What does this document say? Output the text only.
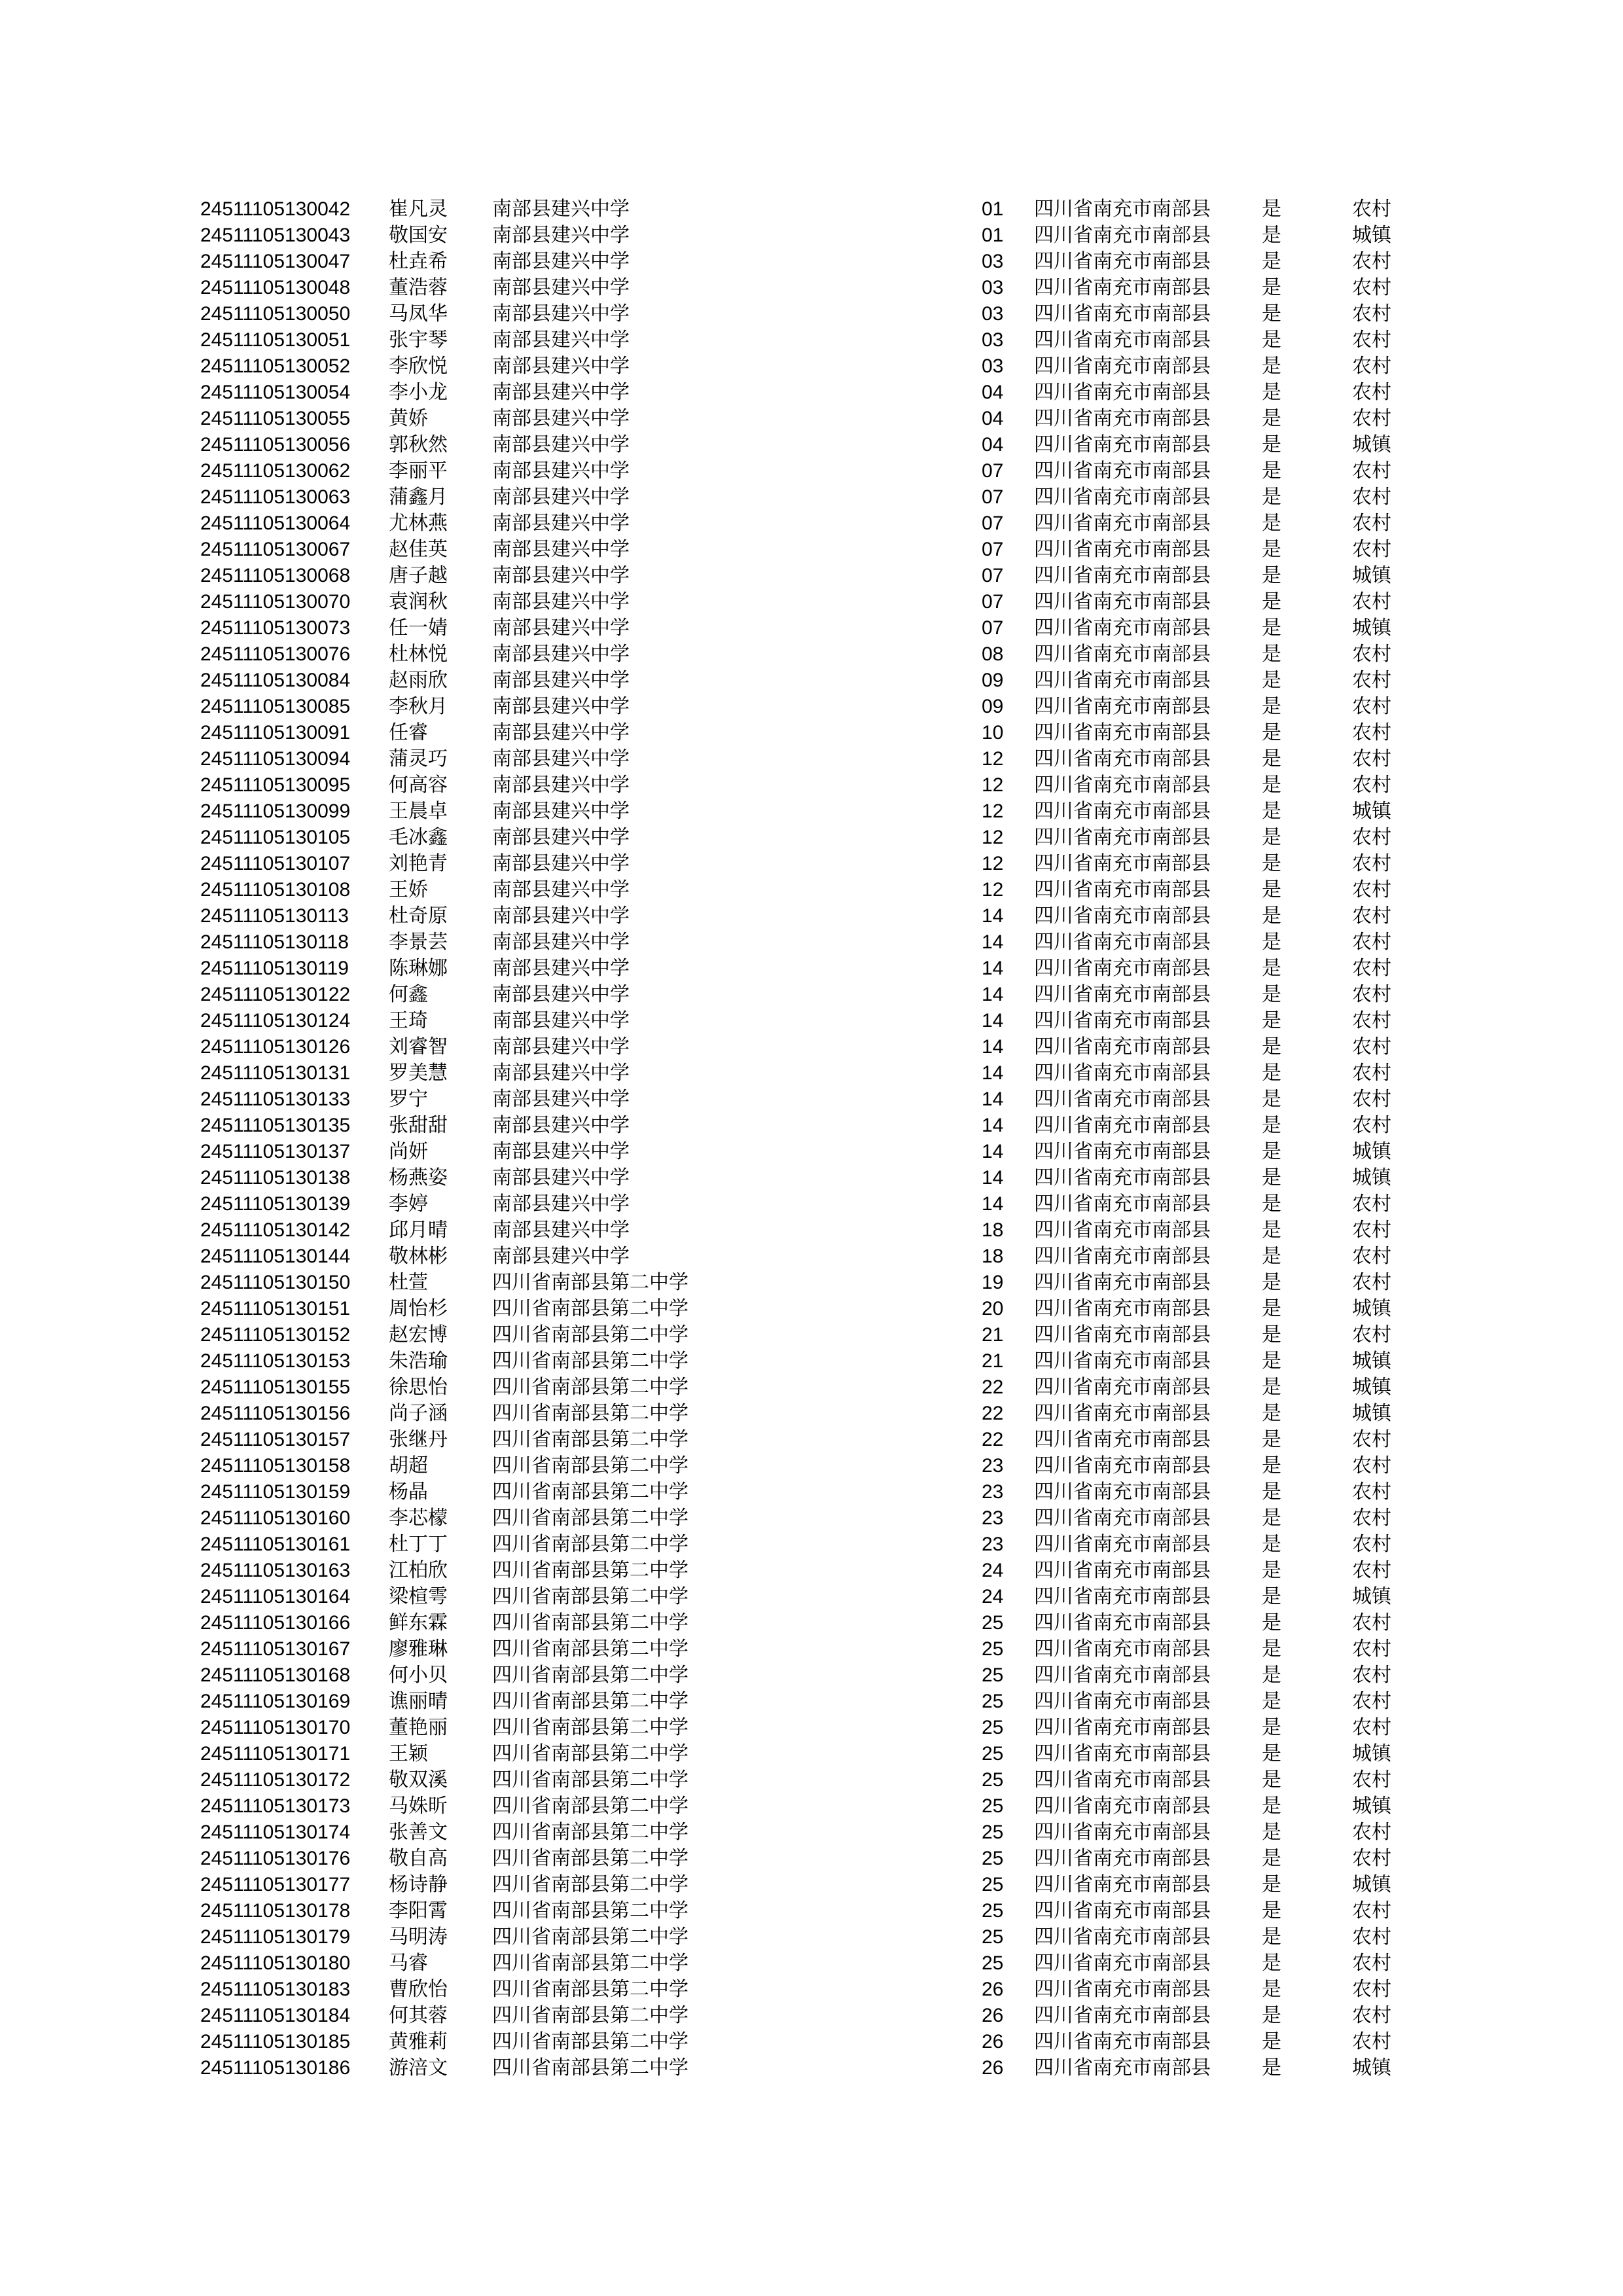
24511105130042 崔凡灵 南部县建兴中学	01 四川省南充市南部县	是	农村
24511105130043 敬国安 南部县建兴中学	01 四川省南充市南部县	是	城镇
24511105130047 杜垚希 南部县建兴中学	03 四川省南充市南部县	是	农村
24511105130048 董浩蓉 南部县建兴中学	03 四川省南充市南部县	是	农村
24511105130050 马凤华 南部县建兴中学	03 四川省南充市南部县	是	农村
24511105130051 张宇琴 南部县建兴中学	03 四川省南充市南部县	是	农村
24511105130052 李欣悦 南部县建兴中学	03 四川省南充市南部县	是	农村
24511105130054 李小龙 南部县建兴中学	04 四川省南充市南部县	是	农村
24511105130055 黄娇	南部县建兴中学	04 四川省南充市南部县	是	农村
24511105130056 郭秋然 南部县建兴中学	04 四川省南充市南部县	是	城镇
24511105130062 李丽平 南部县建兴中学	07 四川省南充市南部县	是	农村
24511105130063 蒲鑫月 南部县建兴中学	07 四川省南充市南部县	是	农村
24511105130064 尤林燕 南部县建兴中学	07 四川省南充市南部县	是	农村
24511105130067 赵佳英 南部县建兴中学	07 四川省南充市南部县	是	农村
24511105130068 唐子越 南部县建兴中学	07 四川省南充市南部县	是	城镇
24511105130070 袁润秋 南部县建兴中学	07 四川省南充市南部县	是	农村
24511105130073 任一婧 南部县建兴中学	07 四川省南充市南部县	是	城镇
24511105130076 杜林悦 南部县建兴中学	08 四川省南充市南部县	是	农村
24511105130084 赵雨欣 南部县建兴中学	09 四川省南充市南部县	是	农村
24511105130085 李秋月 南部县建兴中学	09 四川省南充市南部县	是	农村
24511105130091 任睿	南部县建兴中学	10 四川省南充市南部县	是	农村
24511105130094 蒲灵巧 南部县建兴中学	12 四川省南充市南部县	是	农村
24511105130095 何高容 南部县建兴中学	12 四川省南充市南部县	是	农村
24511105130099 王晨卓 南部县建兴中学	12 四川省南充市南部县	是	城镇
24511105130105 毛冰鑫 南部县建兴中学	12 四川省南充市南部县	是	农村
24511105130107 刘艳青 南部县建兴中学	12 四川省南充市南部县	是	农村
24511105130108 王娇	南部县建兴中学	12 四川省南充市南部县	是	农村
24511105130113 杜奇原 南部县建兴中学	14 四川省南充市南部县	是	农村
24511105130118 李景芸 南部县建兴中学	14 四川省南充市南部县	是	农村
24511105130119 陈琳娜 南部县建兴中学	14 四川省南充市南部县	是	农村
24511105130122 何鑫	南部县建兴中学	14 四川省南充市南部县	是	农村
24511105130124 王琦	南部县建兴中学	14 四川省南充市南部县	是	农村
24511105130126 刘睿智 南部县建兴中学	14 四川省南充市南部县	是	农村
24511105130131 罗美慧 南部县建兴中学	14 四川省南充市南部县	是	农村
24511105130133 罗宁	南部县建兴中学	14 四川省南充市南部县	是	农村
24511105130135 张甜甜 南部县建兴中学	14 四川省南充市南部县	是	农村
24511105130137 尚妍	南部县建兴中学	14 四川省南充市南部县	是	城镇
24511105130138 杨燕姿 南部县建兴中学	14 四川省南充市南部县	是	城镇
24511105130139 李婷	南部县建兴中学	14 四川省南充市南部县	是	农村
24511105130142 邱月晴 南部县建兴中学	18 四川省南充市南部县	是	农村
24511105130144 敬林彬 南部县建兴中学	18 四川省南充市南部县	是	农村
24511105130150 杜萱	四川省南部县第二中学	19 四川省南充市南部县	是	农村
24511105130151 周怡杉 四川省南部县第二中学	20 四川省南充市南部县	是	城镇
24511105130152 赵宏博 四川省南部县第二中学	21 四川省南充市南部县	是	农村
24511105130153 朱浩瑜 四川省南部县第二中学	21 四川省南充市南部县	是	城镇
24511105130155 徐思怡 四川省南部县第二中学	22 四川省南充市南部县	是	城镇
24511105130156 尚子涵 四川省南部县第二中学	22 四川省南充市南部县	是	城镇
24511105130157 张继丹 四川省南部县第二中学	22 四川省南充市南部县	是	农村
24511105130158 胡超	四川省南部县第二中学	23 四川省南充市南部县	是	农村
24511105130159 杨晶	四川省南部县第二中学	23 四川省南充市南部县	是	农村
24511105130160 李芯檬 四川省南部县第二中学	23 四川省南充市南部县	是	农村
24511105130161 杜丁丁 四川省南部县第二中学	23 四川省南充市南部县	是	农村
24511105130163 江柏欣 四川省南部县第二中学	24 四川省南充市南部县	是	农村
24511105130164 梁楦雩 四川省南部县第二中学	24 四川省南充市南部县	是	城镇
24511105130166 鲜东霖 四川省南部县第二中学	25 四川省南充市南部县	是	农村
24511105130167 廖雅琳 四川省南部县第二中学	25 四川省南充市南部县	是	农村
24511105130168 何小贝 四川省南部县第二中学	25 四川省南充市南部县	是	农村
24511105130169 谯丽晴 四川省南部县第二中学	25 四川省南充市南部县	是	农村
24511105130170 董艳丽 四川省南部县第二中学	25 四川省南充市南部县	是	农村
24511105130171 王颖	四川省南部县第二中学	25 四川省南充市南部县	是	城镇
24511105130172 敬双溪 四川省南部县第二中学	25 四川省南充市南部县	是	农村
24511105130173 马姝昕 四川省南部县第二中学	25 四川省南充市南部县	是	城镇
24511105130174 张善文 四川省南部县第二中学	25 四川省南充市南部县	是	农村
24511105130176 敬自高 四川省南部县第二中学	25 四川省南充市南部县	是	农村
24511105130177 杨诗静 四川省南部县第二中学	25 四川省南充市南部县	是	城镇
24511105130178 李阳霄 四川省南部县第二中学	25 四川省南充市南部县	是	农村
24511105130179 马明涛 四川省南部县第二中学	25 四川省南充市南部县	是	农村
24511105130180 马睿	四川省南部县第二中学	25 四川省南充市南部县	是	农村
24511105130183 曹欣怡 四川省南部县第二中学	26 四川省南充市南部县	是	农村
24511105130184 何其蓉 四川省南部县第二中学	26 四川省南充市南部县	是	农村
24511105130185 黄雅莉 四川省南部县第二中学	26 四川省南充市南部县	是	农村
24511105130186 游涪文 四川省南部县第二中学	26 四川省南充市南部县	是	城镇
